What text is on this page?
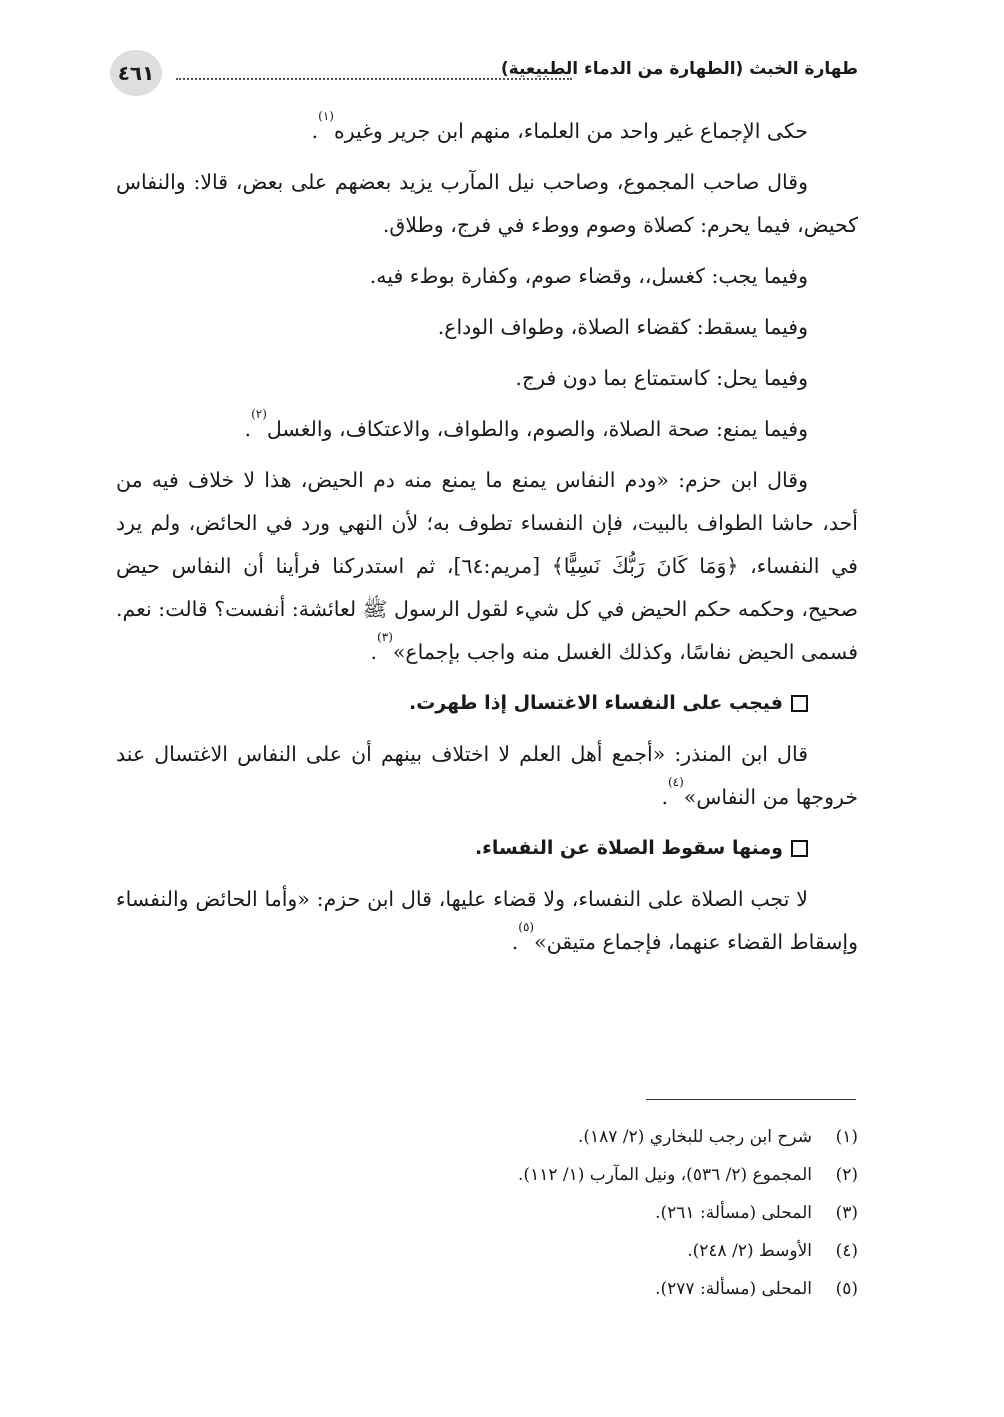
٤٦١	طهارة الخبث (الطهارة من الدماء الطبيعية)

حكى الإجماع غير واحد من العلماء، منهم ابن جرير وغيره$^{(١)}$.

وقال صاحب المجموع، وصاحب نيل المآرب يزيد بعضهم على بعض، قالا: والنفاس كحيض، فيما يحرم: كصلاة وصوم ووطء في فرج، وطلاق.

وفيما يجب: كغسل،، وقضاء صوم، وكفارة بوطء فيه.

وفيما يسقط: كقضاء الصلاة، وطواف الوداع.

وفيما يحل: كاستمتاع بما دون فرج.

وفيما يمنع: صحة الصلاة، والصوم، والطواف، والاعتكاف، والغسل$^{(٢)}$.

وقال ابن حزم: «ودم النفاس يمنع ما يمنع منه دم الحيض، هذا لا خلاف فيه من أحد، حاشا الطواف بالبيت، فإن النفساء تطوف به؛ لأن النهي ورد في الحائض، ولم يرد في النفساء، ﴿وَمَا كَانَ رَبُّكَ نَسِيًّا﴾ [مريم:٦٤]، ثم استدركنا فرأينا أن النفاس حيض صحيح، وحكمه حكم الحيض في كل شيء لقول الرسول ﷺ لعائشة: أنفست؟ قالت: نعم. فسمى الحيض نفاسًا، وكذلك الغسل منه واجب بإجماع»$^{(٣)}$.

فيجب على النفساء الاغتسال إذا طهرت.

قال ابن المنذر: «أجمع أهل العلم لا اختلاف بينهم أن على النفاس الاغتسال عند خروجها من النفاس»$^{(٤)}$.

ومنها سقوط الصلاة عن النفساء.

لا تجب الصلاة على النفساء، ولا قضاء عليها، قال ابن حزم: «وأما الحائض والنفساء وإسقاط القضاء عنهما، فإجماع متيقن»$^{(٥)}$.

(١)شرح ابن رجب للبخاري (٢/ ١٨٧).
(٢)المجموع (٢/ ٥٣٦)، ونيل المآرب (١/ ١١٢).
(٣)المحلى (مسألة: ٢٦١).
(٤)الأوسط (٢/ ٢٤٨).
(٥)المحلى (مسألة: ٢٧٧).
